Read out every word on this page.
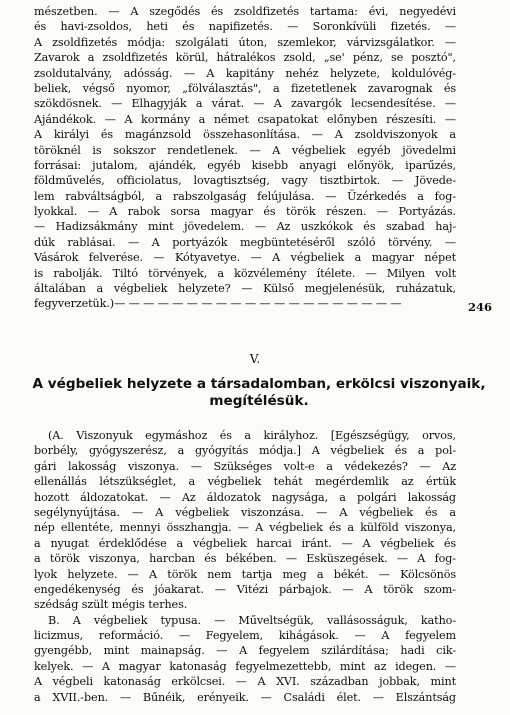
mészetben. — A szegődés és zsoldfizetés tartama: évi, negyedévi
és havi-zsoldos, heti és napifizetés. — Soronkívüli fizetés. —
A zsoldfizetés módja: szolgálati úton, szemlekor, várvizsgálatkor. —
Zavarok a zsoldfizetés körül, hátralékos zsold, „se' pénz, se posztó",
zsoldutalvány, adósság. — A kapitány nehéz helyzete, koldulóvég-
beliek, végső nyomor, „fölválasztás", a fizetetlenek zavarognak és
szökdösnek. — Elhagyják a várat. — A zavargók lecsendesítése. —
Ajándékok. — A kormány a német csapatokat előnyben részesíti. —
A királyi és magánzsold összehasonlítása. — A zsoldviszonyok a
töröknél is sokszor rendetlenek. — A végbeliek egyéb jövedelmi
forrásai: jutalom, ajándék, egyéb kisebb anyagi előnyök, iparűzés,
földművelés, officiolatus, lovagtisztség, vagy tisztbirtok. — Jövede-
lem rabváltságból, a rabszolgaság felújulása. — Üzérkedés a fog-
lyokkal. — A rabok sorsa magyar és török részen. — Portyázás.
— Hadizsákmány mint jövedelem. — Az uszkókok és szabad haj-
dúk rablásai. — A portyázók megbüntetéséről szóló törvény. —
Vásárok felverése. — Kótyavetye. — A végbeliek a magyar népet
is rabolják. Tiltó törvények, a közvélemény ítélete. — Milyen volt
általában a végbeliek helyzete? — Külső megjelenésük, ruházatuk,
fegyverzetük.)— — — — — — — — — — — — — — — — — — — —	246
V.
A végbeliek helyzete a társadalomban, erkölcsi viszonyaik,
megítélésük.
(A. Viszonyuk egymáshoz és a királyhoz. [Egészségügy, orvos,
borbély, gyógyszerész, a gyógyítás módja.] A végbeliek és a pol-
gári lakosság viszonya. — Szükséges volt-e a védekezés? — Az
ellenállás létszükséglet, a végbeliek tehát megérdemlik az értük
hozott áldozatokat. — Az áldozatok nagysága, a polgári lakosság
segélynyújtása. — A végbeliek viszonzása. — A végbeliek és a
nép ellentéte, mennyi összhangja. — A végbeliek és a külföld viszonya,
a nyugat érdeklődése a végbeliek harcai iránt. — A végbeliek és
a török viszonya, harcban és békében. — Esküszegések. — A fog-
lyok helyzete. — A török nem tartja meg a békét. — Kölcsönös
engedékenység és jóakarat. — Vitézi párbajok. — A török szom-
szédság szült mégis terhes.
B. A végbeliek typusa. — Műveltségük, vallásosságuk, katho-
licizmus, reformáció. — Fegyelem, kihágások. — A fegyelem
gyengébb, mint mainapság. — A fegyelem szilárdítása; hadi cik-
kelyek. — A magyar katonaság fegyelmezettebb, mint az idegen. —
A végbeli katonaság erkölcsei. — A XVI. században jobbak, mint
a XVII.-ben. — Bűnéik, erényeik. — Családi élet. — Elszántság
